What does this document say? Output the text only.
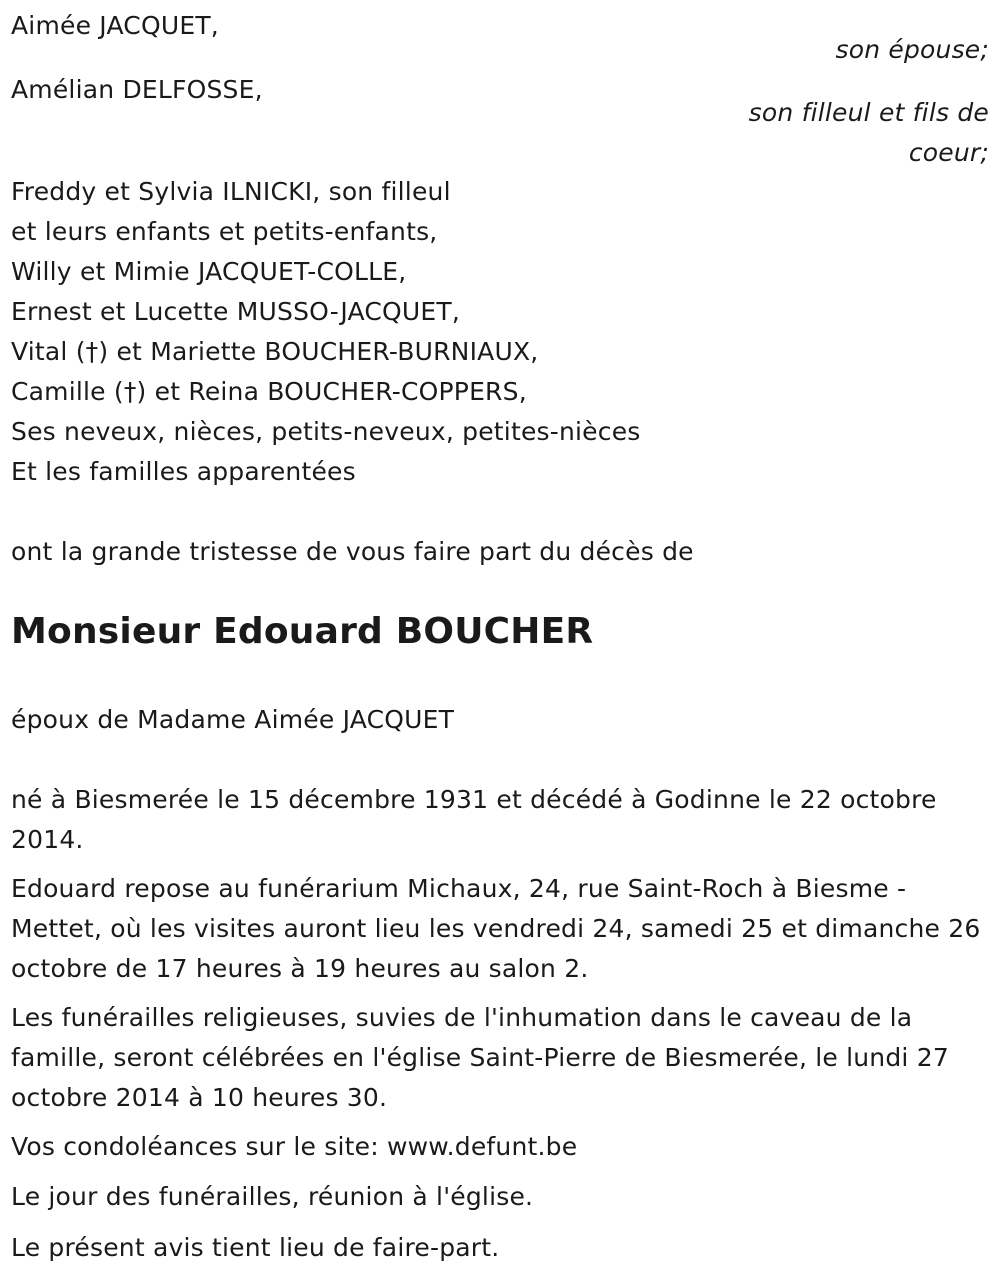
Aimée JACQUET,
son épouse;
Amélian DELFOSSE,
son filleul et fils de
coeur;
Freddy et Sylvia ILNICKI, son filleul
et leurs enfants et petits-enfants,
Willy et Mimie JACQUET-COLLE,
Ernest et Lucette MUSSO-JACQUET,
Vital (†) et Mariette BOUCHER-BURNIAUX,
Camille (†) et Reina BOUCHER-COPPERS,
Ses neveux, nièces, petits-neveux, petites-nièces
Et les familles apparentées
ont la grande tristesse de vous faire part du décès de
Monsieur Edouard BOUCHER
époux de Madame Aimée JACQUET
né à Biesmerée le 15 décembre 1931 et décédé à Godinne le 22 octobre 2014.
Edouard repose au funérarium Michaux, 24, rue Saint-Roch à Biesme - Mettet, où les visites auront lieu les vendredi 24, samedi 25 et dimanche 26 octobre de 17 heures à 19 heures au salon 2.
Les funérailles religieuses, suvies de l'inhumation dans le caveau de la famille, seront célébrées en l'église Saint-Pierre de Biesmerée, le lundi 27 octobre 2014 à 10 heures 30.
Vos condoléances sur le site: www.defunt.be
Le jour des funérailles, réunion à l'église.
Le présent avis tient lieu de faire-part.
